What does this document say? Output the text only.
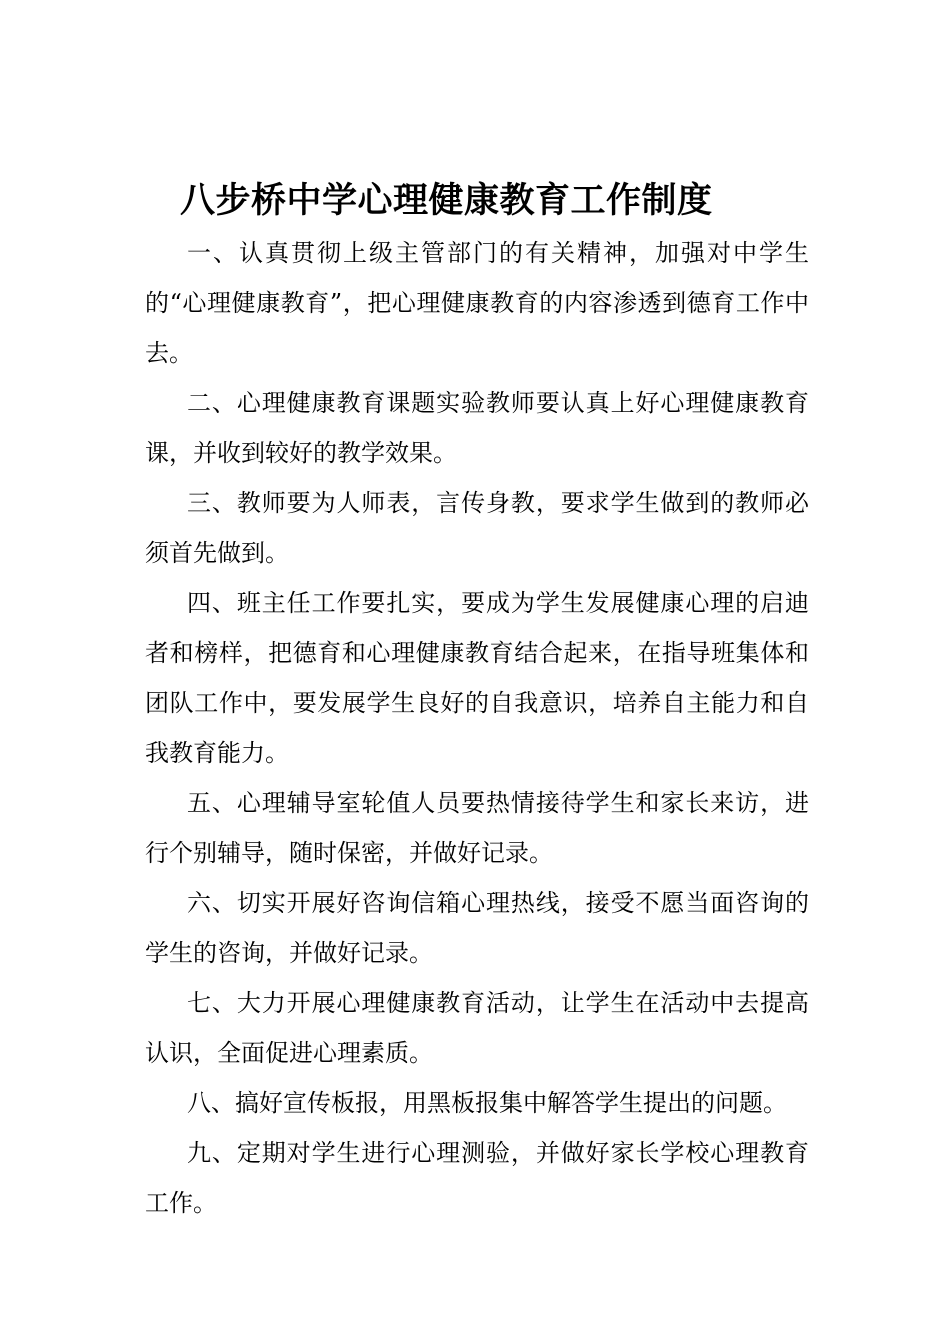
八步桥中学心理健康教育工作制度

一、认真贯彻上级主管部门的有关精神，加强对中学生的“心理健康教育”，把心理健康教育的内容渗透到德育工作中去。

二、心理健康教育课题实验教师要认真上好心理健康教育课，并收到较好的教学效果。

三、教师要为人师表，言传身教，要求学生做到的教师必须首先做到。

四、班主任工作要扎实，要成为学生发展健康心理的启迪者和榜样，把德育和心理健康教育结合起来，在指导班集体和团队工作中，要发展学生良好的自我意识，培养自主能力和自我教育能力。

五、心理辅导室轮值人员要热情接待学生和家长来访，进行个别辅导，随时保密，并做好记录。

六、切实开展好咨询信箱心理热线，接受不愿当面咨询的学生的咨询，并做好记录。

七、大力开展心理健康教育活动，让学生在活动中去提高认识，全面促进心理素质。

八、搞好宣传板报，用黑板报集中解答学生提出的问题。

九、定期对学生进行心理测验，并做好家长学校心理教育工作。
